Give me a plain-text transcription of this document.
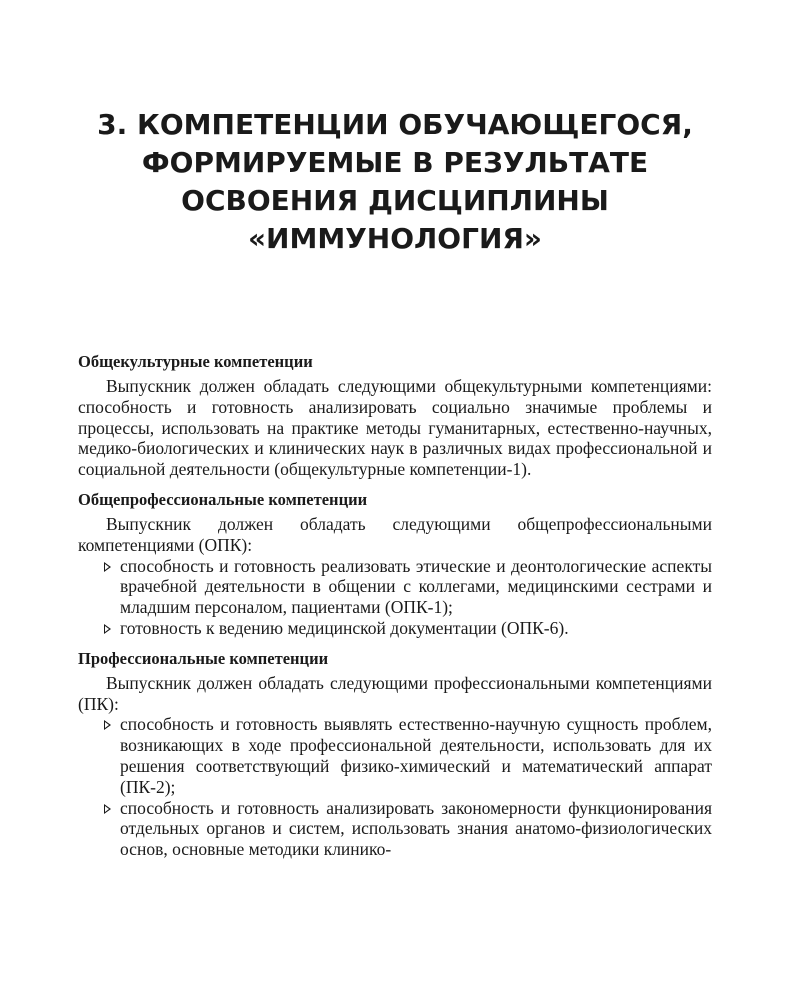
3. КОМПЕТЕНЦИИ ОБУЧАЮЩЕГОСЯ,
ФОРМИРУЕМЫЕ В РЕЗУЛЬТАТЕ
ОСВОЕНИЯ ДИСЦИПЛИНЫ
«ИММУНОЛОГИЯ»
Общекультурные компетенции

Выпускник должен обладать следующими общекультурными компетенциями: способность и готовность анализировать социально значимые проблемы и процессы, использовать на практике методы гуманитарных, естественно-научных, медико-биологических и клинических наук в различных видах профессиональной и социальной деятельности (общекультурные компетенции-1).

Общепрофессиональные компетенции

Выпускник должен обладать следующими общепрофессиональными компетенциями (ОПК):

способность и готовность реализовать этические и деонтологические аспекты врачебной деятельности в общении с коллегами, медицинскими сестрами и младшим персоналом, пациентами (ОПК-1);
готовность к ведению медицинской документации (ОПК-6).
Профессиональные компетенции

Выпускник должен обладать следующими профессиональными компетенциями (ПК):

способность и готовность выявлять естественно-научную сущность проблем, возникающих в ходе профессиональной деятельности, использовать для их решения соответствующий физико-химический и математический аппарат (ПК-2);
способность и готовность анализировать закономерности функционирования отдельных органов и систем, использовать знания анатомо-физиологических основ, основные методики клинико-
